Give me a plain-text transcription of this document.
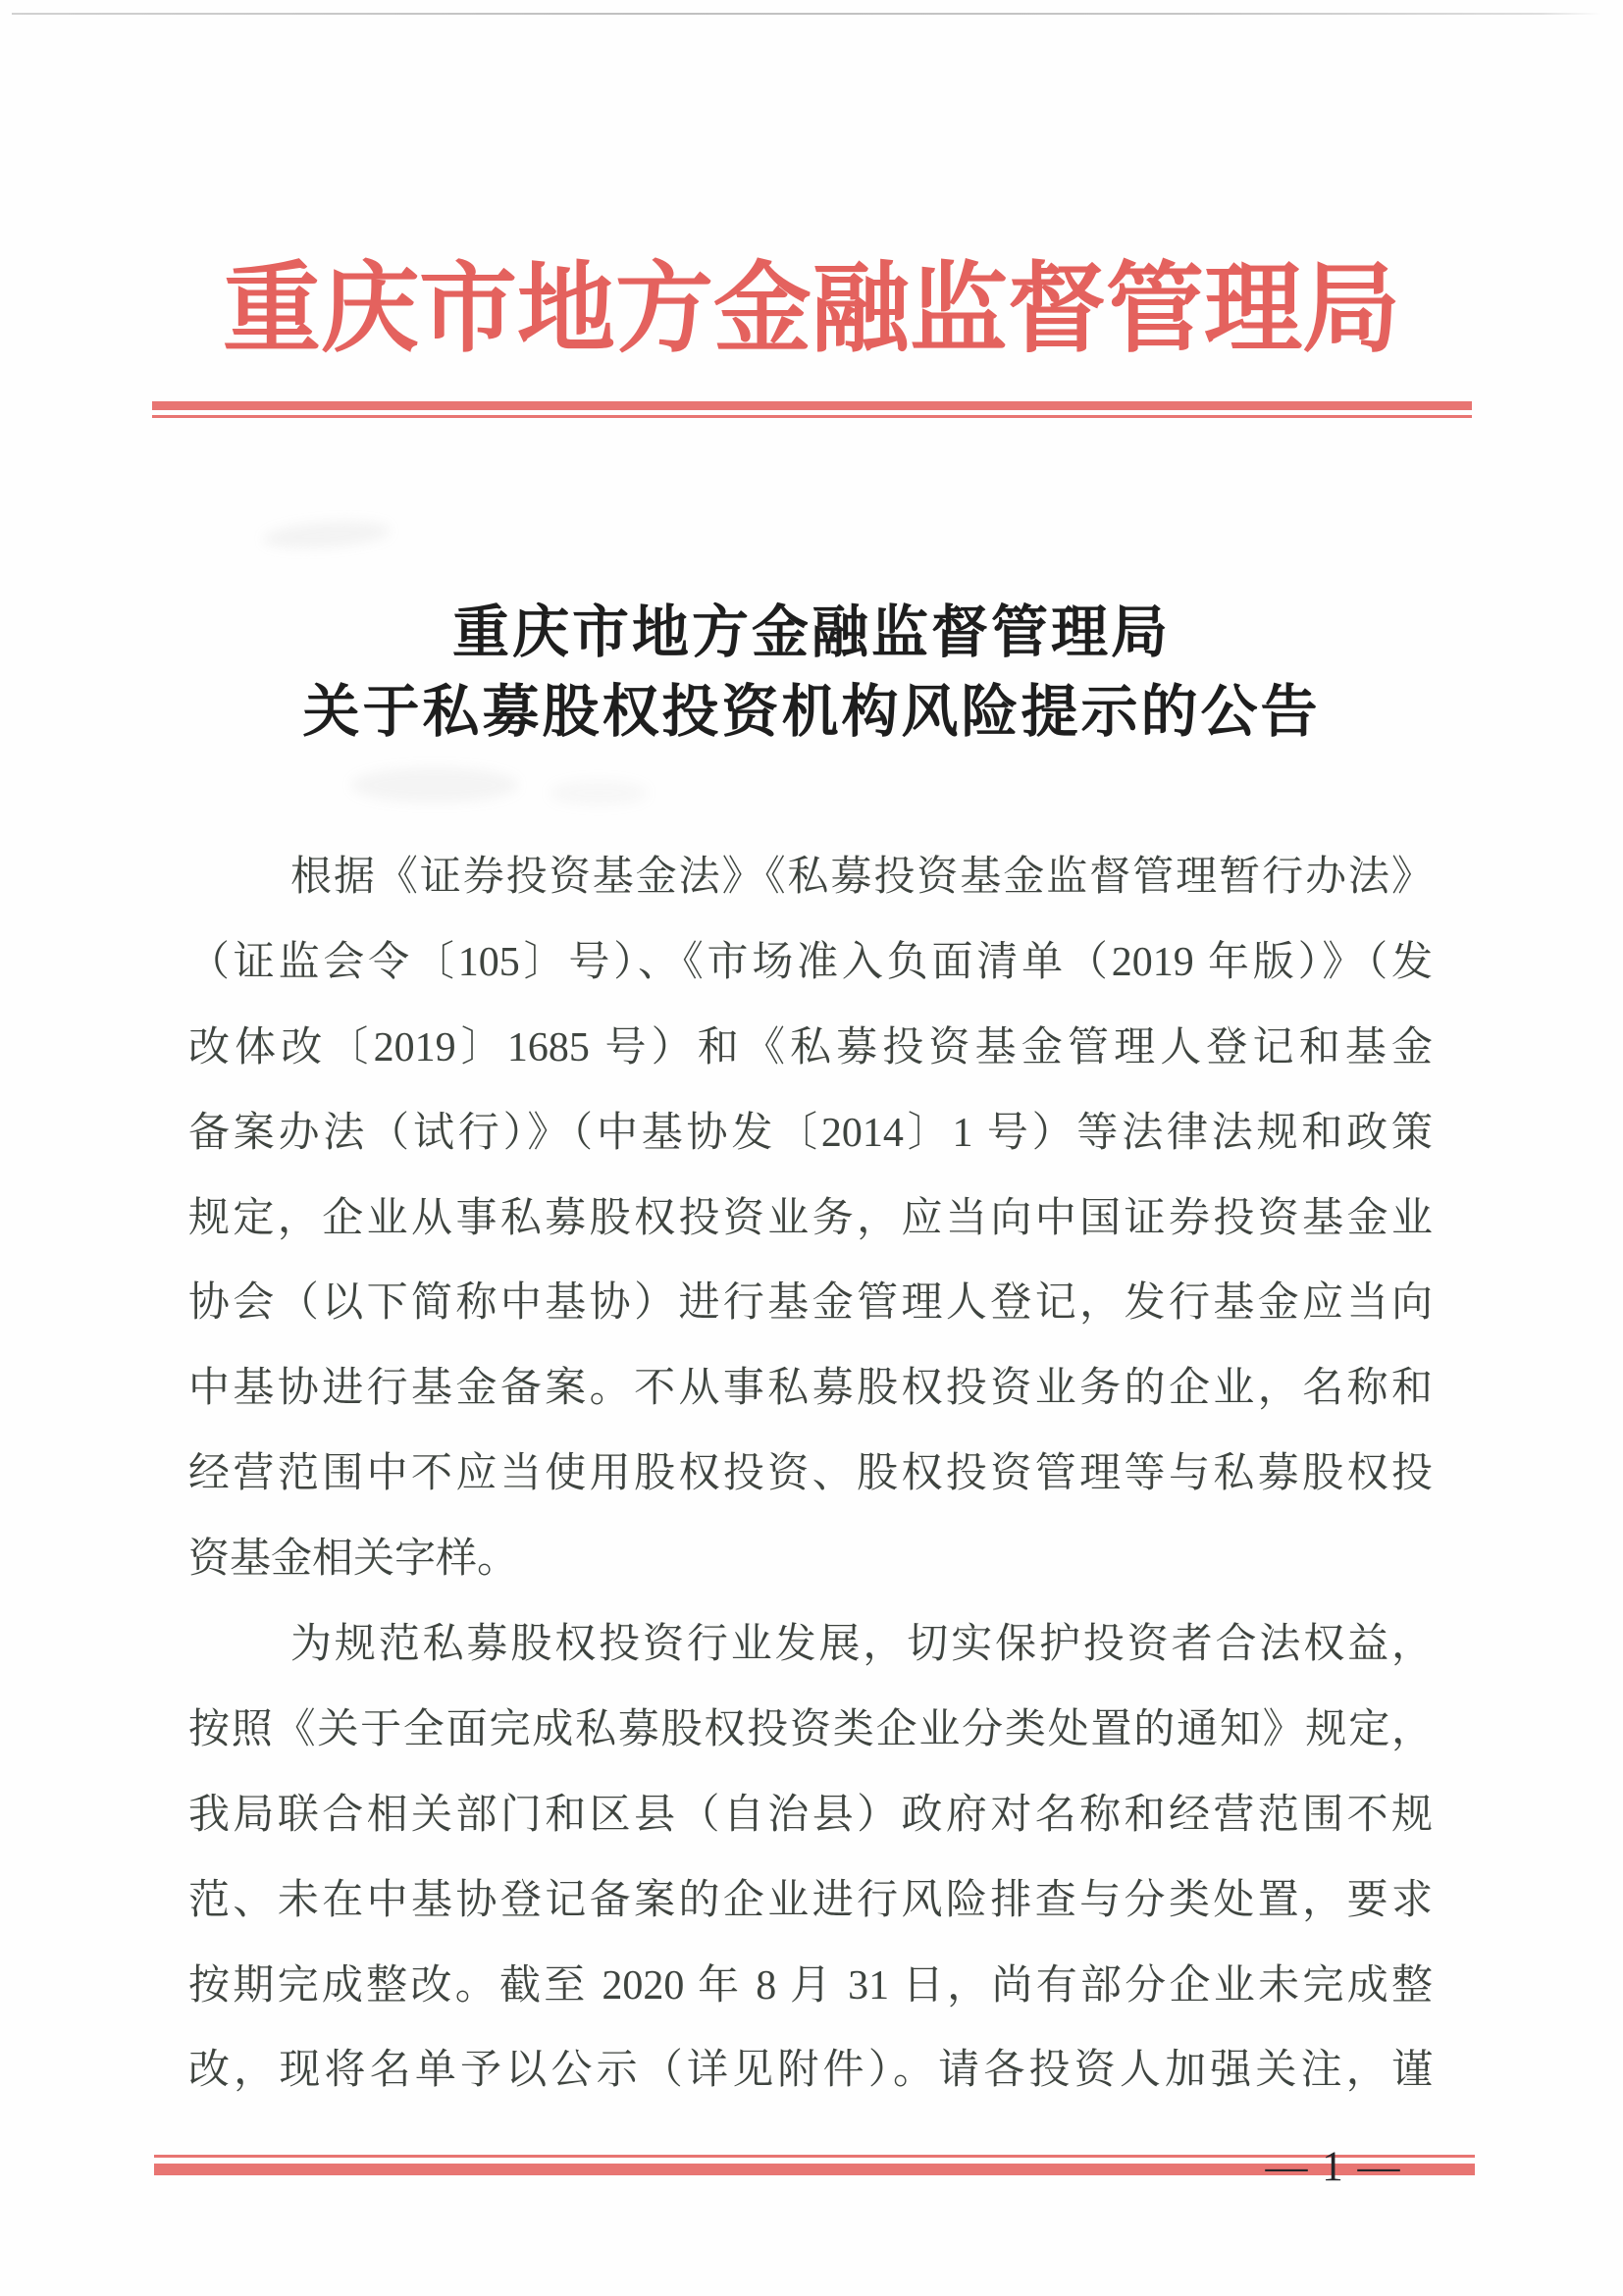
重庆市地方金融监督管理局
重庆市地方金融监督管理局
关于私募股权投资机构风险提示的公告
根据《证券投资基金法》《私募投资基金监督管理暂行办法》
（证监会令〔105〕号）、《市场准入负面清单（2019 年版）》（发
改体改〔2019〕1685 号）和《私募投资基金管理人登记和基金
备案办法（试行）》（中基协发〔2014〕1 号）等法律法规和政策
规定，企业从事私募股权投资业务，应当向中国证券投资基金业
协会（以下简称中基协）进行基金管理人登记，发行基金应当向
中基协进行基金备案。不从事私募股权投资业务的企业，名称和
经营范围中不应当使用股权投资、股权投资管理等与私募股权投
资基金相关字样。
为规范私募股权投资行业发展，切实保护投资者合法权益，
按照《关于全面完成私募股权投资类企业分类处置的通知》规定，
我局联合相关部门和区县（自治县）政府对名称和经营范围不规
范、未在中基协登记备案的企业进行风险排查与分类处置，要求
按期完成整改。截至 2020 年 8 月 31 日，尚有部分企业未完成整
改，现将名单予以公示（详见附件）。请各投资人加强关注，谨
— 1 —
